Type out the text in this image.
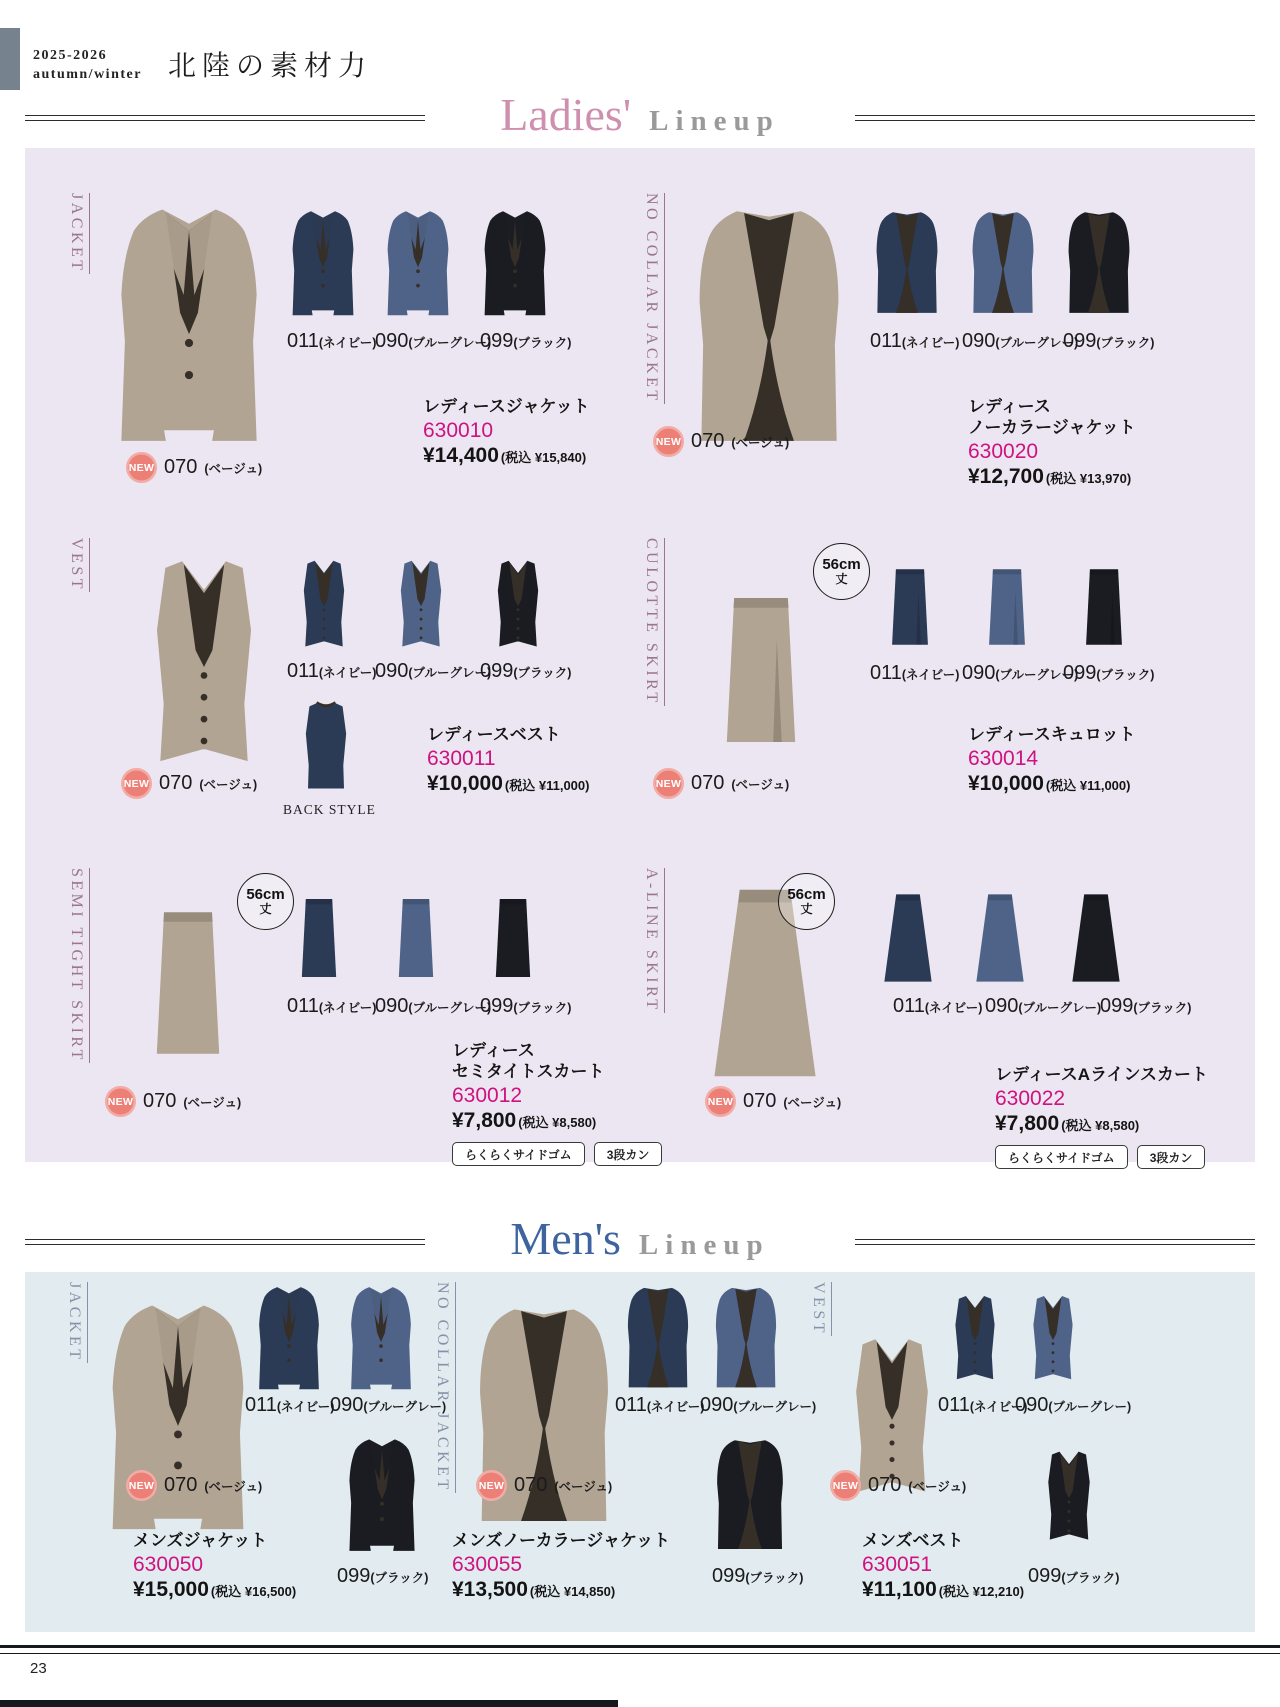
2025-2026
autumn/winter 北陸の素材力
Ladies' Lineup
JACKET
011(ネイビー)
090(ブルーグレー)
099(ブラック)
レディースジャケット
630010
¥14,400 (税込 ¥15,840)
NEW 070 (ベージュ)
NO COLLAR JACKET	011(ネイビー) 090(ブルーグレー)
099(ブラック)
レディース
ノーカラージャケット
630020
¥12,700 (税込 ¥13,970)
NEW 070 (ベージュ)
VEST
011(ネイビー)
090(ブルーグレー)
099(ブラック)
BACK STYLE
レディースベスト
630011
¥10,000 (税込 ¥11,000)
NEW 070 (ベージュ)
CULOTTE SKIRT	56cm
丈
011(ネイビー) 090(ブルーグレー)
099(ブラック)
レディースキュロット
630014
¥10,000 (税込 ¥11,000)
NEW 070 (ベージュ)
SEMI TIGHT SKIRT	56cm
丈
011(ネイビー)
090(ブルーグレー)
099(ブラック)
レディース
セミタイトスカート
630012
¥7,800 (税込 ¥8,580)
らくらくサイドゴム	3段カン
NEW 070 (ベージュ)
A-LINE SKIRT	56cm
丈
011(ネイビー) 090(ブルーグレー)
099(ブラック)
レディースAラインスカート
630022
¥7,800 (税込 ¥8,580)
らくらくサイドゴム	3段カン
NEW 070 (ベージュ)
Men's Lineup
JACKET
011(ネイビー)
090(ブルーグレー)
099(ブラック)
NEW 070 (ベージュ)
メンズジャケット
630050
¥15,000 (税込 ¥16,500)
NO COLLAR JACKET	011(ネイビー)
090(ブルーグレー)
099(ブラック)
NEW 070 (ベージュ)
メンズノーカラージャケット
630055
¥13,500 (税込 ¥14,850)
VEST
011(ネイビー)
090(ブルーグレー)
099(ブラック)
NEW 070 (ベージュ)
メンズベスト
630051
¥11,100 (税込 ¥12,210)
23
